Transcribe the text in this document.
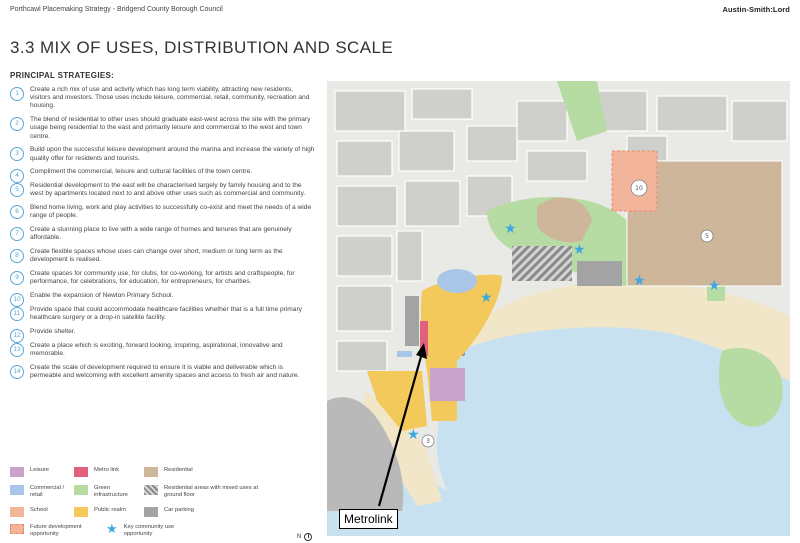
Porthcawl Placemaking Strategy - Bridgend County Borough Council	Austin-Smith:Lord
3.3 MIX OF USES, DISTRIBUTION AND SCALE
PRINCIPAL STRATEGIES:
1
Create a rich mix of use and activity which has long term viability, attracting new residents, visitors and investors. Those uses include leisure, commercial, retail, community, recreation and housing.
2
The blend of residential to other uses should graduate east-west across the site with the primary usage being residential to the east and primarily leisure and commercial to the west and town centre.
3
Build upon the successful leisure development around the marina and increase the variety of high quality offer for residents and tourists.
4
Compliment the commercial, leisure and cultural facilities of the town centre.
5
Residential development to the east will be characterised largely by family housing and to the west by apartments located next to and above other uses such as commercial and community.
6
Blend home living, work and play activities to successfully co-exist and meet the needs of a wide range of people.
7
Create a stunning place to live with a wide range of homes and tenures that are genuinely affordable.
8
Create flexible spaces whose uses can change over short, medium or long term as the development is realised.
9
Create spaces for community use, for clubs, for co-working, for artists and craftspeople, for performance, for celebrations, for education, for entrepreneurs, for charities.
10
Enable the expansion of Newton Primary School.
11
Provide space that could accommodate healthcare facilities whether that is a full time primary healthcare surgery or a drop-in satellite facility.
12
Provide shelter.
13
Create a place which is exciting, forward looking, inspiring, aspirational, innovative and memorable.
14
Create the scale of development required to ensure it is viable and deliverable which is permeable and welcoming with excellent amenity spaces and access to fresh air and nature.
Leisure	Metro link	Residential
Commercial / retail
Green infrastructure
Residential areas with mixed uses at ground floor
School	Public realm	Car parking
Future development opportunity	★ Key community use opportunity
N
★
★
★	★
★
★
10
5
3
Metrolink
